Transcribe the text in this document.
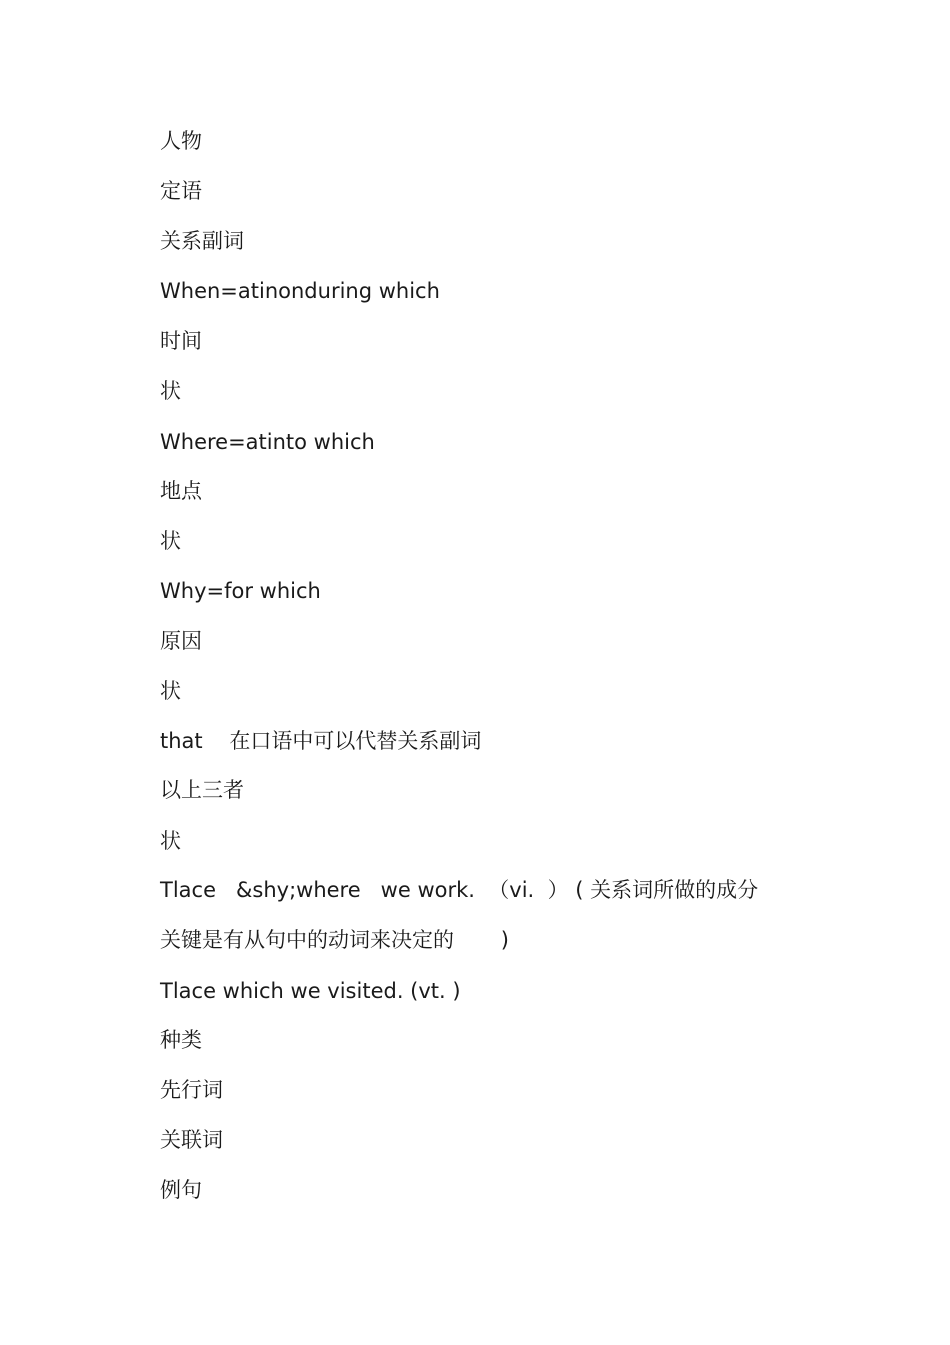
人物
定语
关系副词
When=atinonduring which
时间
状
Where=atinto which
地点
状
Why=for which
原因
状
that    在口语中可以代替关系副词
以上三者
状
Tlace   &shy;where   we work.  （vi.  ） ( 关系词所做的成分
关键是有从句中的动词来决定的       )
Tlace which we visited. (vt. )
种类
先行词
关联词
例句
